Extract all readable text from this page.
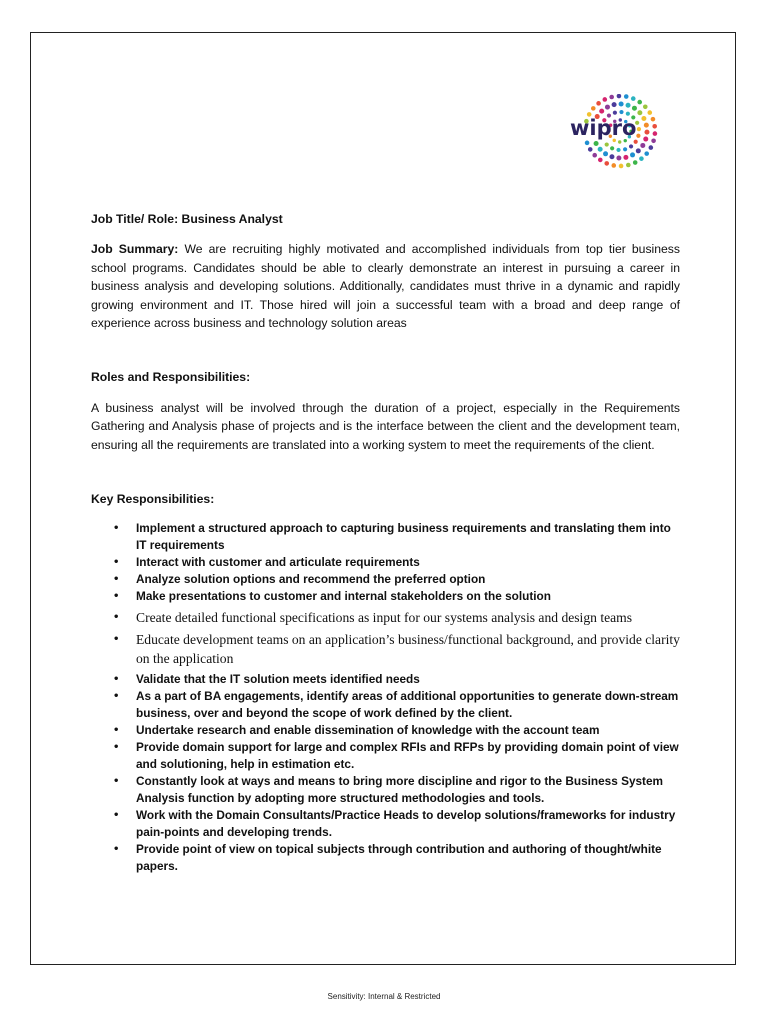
wipro

Job Title/ Role: Business Analyst

Job Summary: We are recruiting highly motivated and accomplished individuals from top tier business school programs. Candidates should be able to clearly demonstrate an interest in pursuing a career in business analysis and developing solutions. Additionally, candidates must thrive in a dynamic and rapidly growing environment and IT. Those hired will join a successful team with a broad and deep range of experience across business and technology solution areas

Roles and Responsibilities:

A business analyst will be involved through the duration of a project, especially in the Requirements Gathering and Analysis phase of projects and is the interface between the client and the development team, ensuring all the requirements are translated into a working system to meet the requirements of the client.

Key Responsibilities:

• Implement a structured approach to capturing business requirements and translating them into IT requirements
• Interact with customer and articulate requirements
• Analyze solution options and recommend the preferred option
• Make presentations to customer and internal stakeholders on the solution
• Create detailed functional specifications as input for our systems analysis and design teams
• Educate development teams on an application’s business/functional background, and provide clarity on the application
• Validate that the IT solution meets identified needs
• As a part of BA engagements, identify areas of additional opportunities to generate down-stream business, over and beyond the scope of work defined by the client.
• Undertake research and enable dissemination of knowledge with the account team
• Provide domain support for large and complex RFIs and RFPs by providing domain point of view and solutioning, help in estimation etc.
• Constantly look at ways and means to bring more discipline and rigor to the Business System Analysis function by adopting more structured methodologies and tools.
• Work with the Domain Consultants/Practice Heads to develop solutions/frameworks for industry pain-points and developing trends.
• Provide point of view on topical subjects through contribution and authoring of thought/white papers.
Sensitivity: Internal & Restricted
